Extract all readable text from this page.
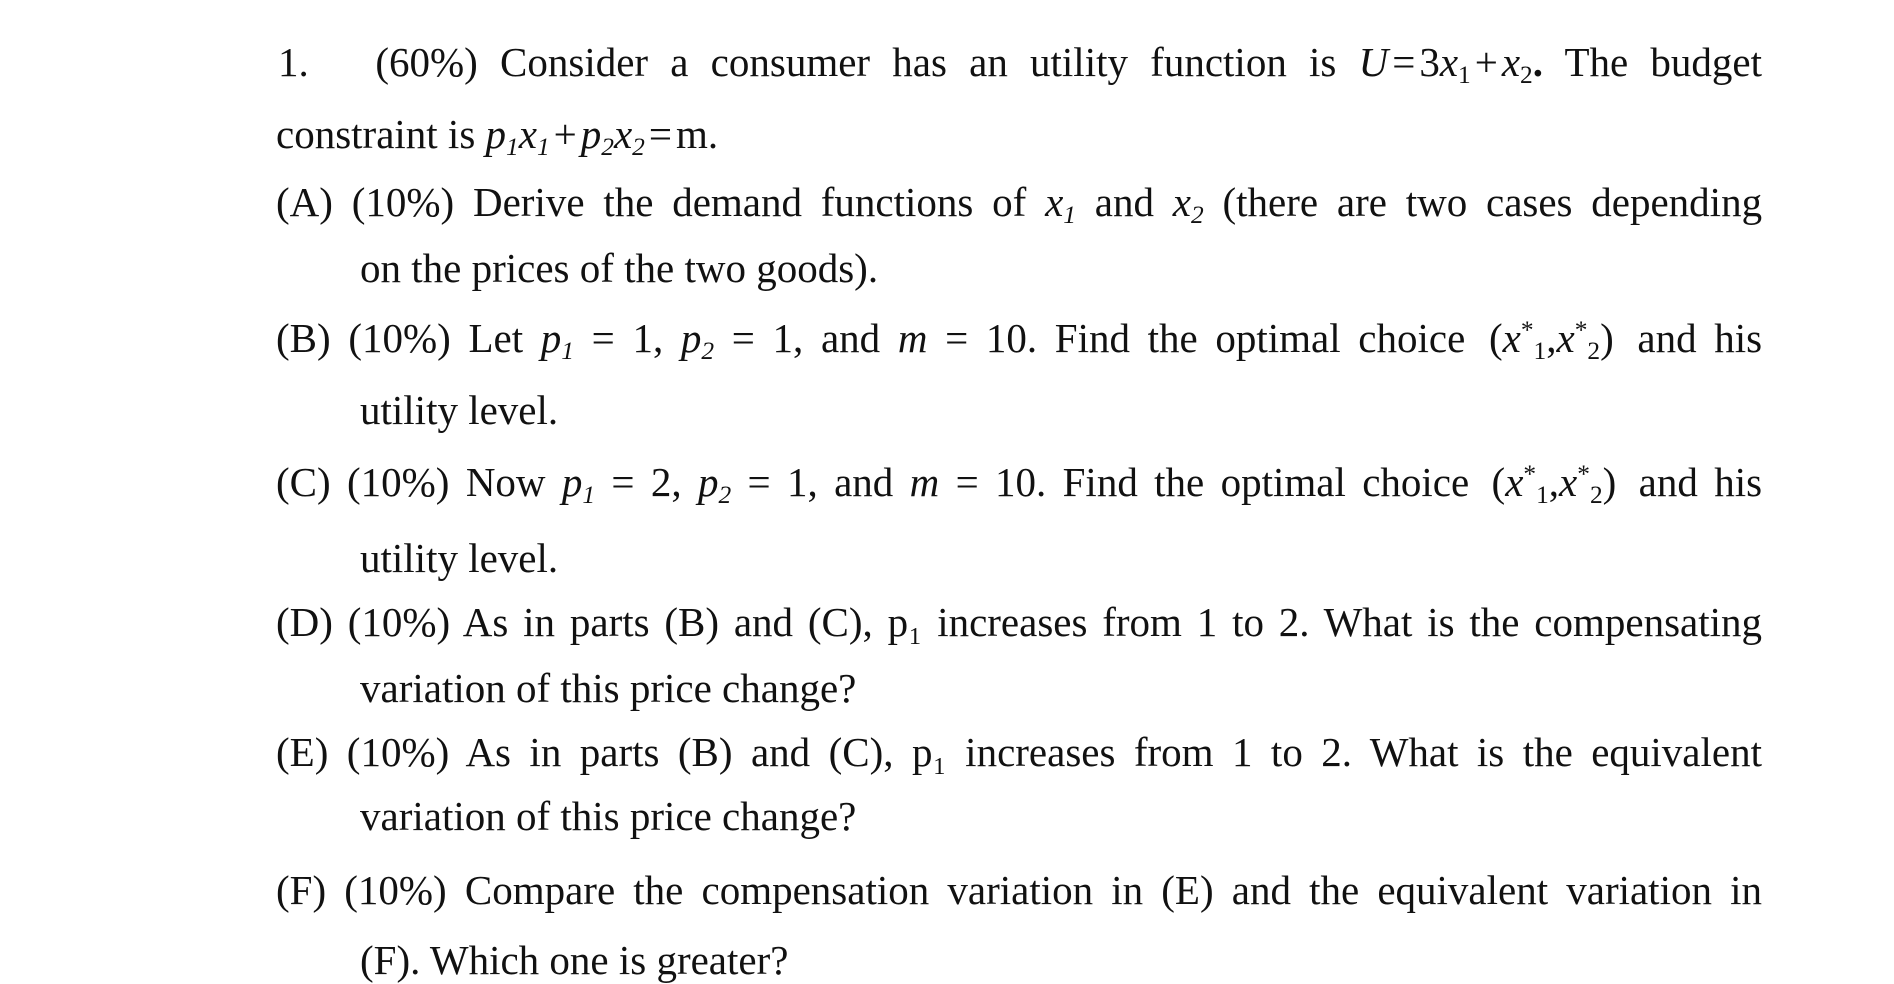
1. (60%) Consider a consumer has an utility function is $U=3x_1+x_2$. The budget
constraint is p1x1+p2x2=m.
(A) (10%) Derive the demand functions of x1 and x2 (there are two cases depending
on the prices of the two goods).
(B) (10%) Let p1 = 1, p2 = 1, and m = 10. Find the optimal choice $(x^*_1,x^*_2)$ and his
utility level.
(C) (10%) Now p1 = 2, p2 = 1, and m = 10. Find the optimal choice $(x^*_1,x^*_2)$ and his
utility level.
(D) (10%) As in parts (B) and (C), p₁ increases from 1 to 2. What is the compensating
variation of this price change?
(E) (10%) As in parts (B) and (C), p₁ increases from 1 to 2. What is the equivalent
variation of this price change?
(F) (10%) Compare the compensation variation in (E) and the equivalent variation in
(F). Which one is greater?
